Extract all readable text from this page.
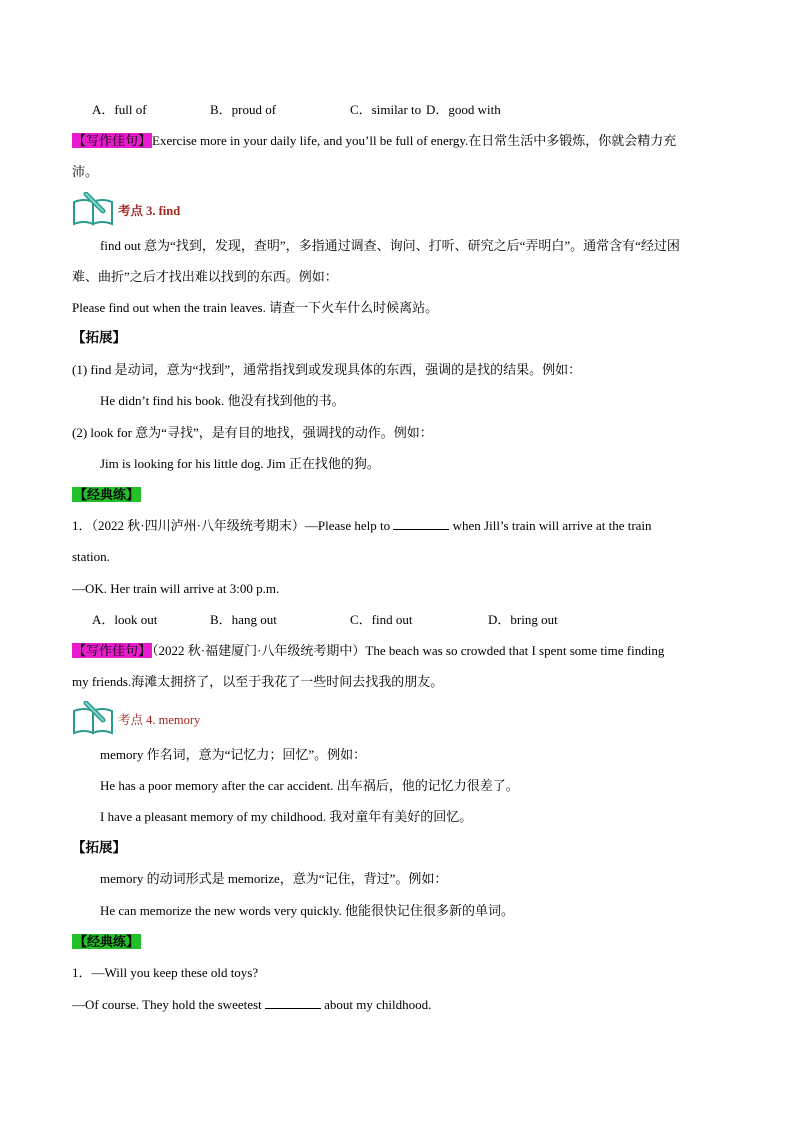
A．full of	B．proud of	C．similar to D．good with
【写作佳句】Exercise more in your daily life, and you’ll be full of energy.在日常生活中多锻炼，你就会精力充
沛。
考点 3. find
find out 意为“找到，发现，查明”，多指通过调查、询问、打听、研究之后“弄明白”。通常含有“经过困
难、曲折”之后才找出难以找到的东西。例如：
Please find out when the train leaves. 请查一下火车什么时候离站。
【拓展】
(1) find 是动词，意为“找到”，通常指找到或发现具体的东西，强调的是找的结果。例如：
He didn’t find his book. 他没有找到他的书。
(2) look for 意为“寻找”，是有目的地找，强调找的动作。例如：
Jim is looking for his little dog. Jim 正在找他的狗。
【经典练】
1．（2022 秋·四川泸州·八年级统考期末）—Please help to	when Jill’s train will arrive at the train
station.
—OK. Her train will arrive at 3:00 p.m.
A．look out	B．hang out	C．find out	D．bring out
【写作佳句】（2022 秋·福建厦门·八年级统考期中）The beach was so crowded that I spent some time finding
my friends.海滩太拥挤了，以至于我花了一些时间去找我的朋友。
考点 4. memory
memory 作名词，意为“记忆力；回忆”。例如：
He has a poor memory after the car accident. 出车祸后，他的记忆力很差了。
I have a pleasant memory of my childhood. 我对童年有美好的回忆。
【拓展】
memory 的动词形式是 memorize，意为“记住，背过”。例如：
He can memorize the new words very quickly. 他能很快记住很多新的单词。
【经典练】
1．—Will you keep these old toys?
—Of course. They hold the sweetest	about my childhood.
